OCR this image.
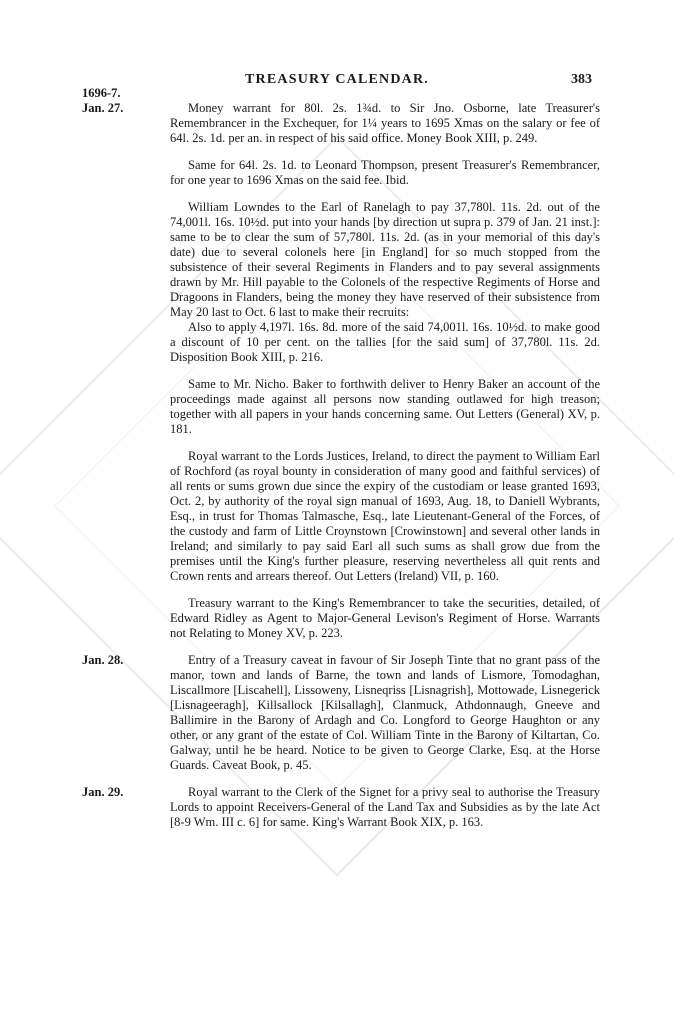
TREASURY CALENDAR.	383
1696-7.
Jan. 27.	Money warrant for 80l. 2s. 1¾d. to Sir Jno. Osborne, late Treasurer's Remembrancer in the Exchequer, for 1¼ years to 1695 Xmas on the salary or fee of 64l. 2s. 1d. per an. in respect of his said office. Money Book XIII, p. 249.
Same for 64l. 2s. 1d. to Leonard Thompson, present Treasurer's Remembrancer, for one year to 1696 Xmas on the said fee. Ibid.
William Lowndes to the Earl of Ranelagh to pay 37,780l. 11s. 2d. out of the 74,001l. 16s. 10½d. put into your hands [by direction ut supra p. 379 of Jan. 21 inst.]: same to be to clear the sum of 57,780l. 11s. 2d. (as in your memorial of this day's date) due to several colonels here [in England] for so much stopped from the subsistence of their several Regiments in Flanders and to pay several assignments drawn by Mr. Hill payable to the Colonels of the respective Regiments of Horse and Dragoons in Flanders, being the money they have reserved of their subsistence from May 20 last to Oct. 6 last to make their recruits:
Also to apply 4,197l. 16s. 8d. more of the said 74,001l. 16s. 10½d. to make good a discount of 10 per cent. on the tallies [for the said sum] of 37,780l. 11s. 2d. Disposition Book XIII, p. 216.
Same to Mr. Nicho. Baker to forthwith deliver to Henry Baker an account of the proceedings made against all persons now standing outlawed for high treason; together with all papers in your hands concerning same. Out Letters (General) XV, p. 181.
Royal warrant to the Lords Justices, Ireland, to direct the payment to William Earl of Rochford (as royal bounty in consideration of many good and faithful services) of all rents or sums grown due since the expiry of the custodiam or lease granted 1693, Oct. 2, by authority of the royal sign manual of 1693, Aug. 18, to Daniell Wybrants, Esq., in trust for Thomas Talmasche, Esq., late Lieutenant-General of the Forces, of the custody and farm of Little Croynstown [Crowinstown] and several other lands in Ireland; and similarly to pay said Earl all such sums as shall grow due from the premises until the King's further pleasure, reserving nevertheless all quit rents and Crown rents and arrears thereof. Out Letters (Ireland) VII, p. 160.
Treasury warrant to the King's Remembrancer to take the securities, detailed, of Edward Ridley as Agent to Major-General Levison's Regiment of Horse. Warrants not Relating to Money XV, p. 223.
Jan. 28.	Entry of a Treasury caveat in favour of Sir Joseph Tinte that no grant pass of the manor, town and lands of Barne, the town and lands of Lismore, Tomodaghan, Liscallmore [Liscahell], Lissoweny, Lisneqriss [Lisnagrish], Mottowade, Lisnegerick [Lisnageeragh], Killsallock [Kilsallagh], Clanmuck, Athdonnaugh, Gneeve and Ballimire in the Barony of Ardagh and Co. Longford to George Haughton or any other, or any grant of the estate of Col. William Tinte in the Barony of Kiltartan, Co. Galway, until he be heard. Notice to be given to George Clarke, Esq. at the Horse Guards. Caveat Book, p. 45.
Jan. 29.	Royal warrant to the Clerk of the Signet for a privy seal to authorise the Treasury Lords to appoint Receivers-General of the Land Tax and Subsidies as by the late Act [8-9 Wm. III c. 6] for same. King's Warrant Book XIX, p. 163.
